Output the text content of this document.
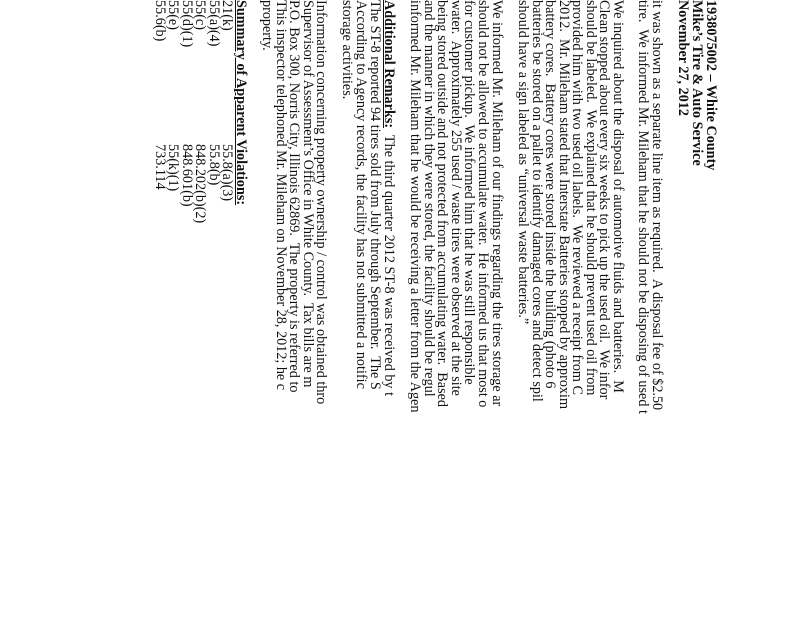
1938075002 – White County
Mike’s Tire & Auto Service
November 27, 2012
it was shown as a separate line item as required.  A disposal fee of $2.50
tire.  We informed Mr. Mileham that he should not be disposing of used t
We inquired about the disposal of automotive fluids and batteries.  M
Clean stopped about every six weeks to pick up the used oil.  We infor
should be labeled.  We explained that he should prevent used oil from
provided him with two used oil labels.  We reviewed a receipt from C
2012.  Mr. Mileham stated that Interstate Batteries stopped by approxim
battery cores.  Battery cores were stored inside the building (photo 6
batteries be stored on a pallet to identify damaged cores and detect spil
should have a sign labeled as “universal waste batteries.”
We informed Mr. Mileham of our findings regarding the tires storage ar
should not be allowed to accumulate water.  He informed us that most o
for customer pickup.  We informed him that he was still responsible
water.  Approximately 255 used / waste tires were observed at the site
being stored outside and not protected from accumulating water.  Based
and the manner in which they were stored, the facility should be regul
informed Mr. Mileham that he would be receiving a letter from the Agen
Additional Remarks:  The third quarter 2012 ST-8 was received by t
The ST-8 reported 94 tires sold from July through September.  The S
According to Agency records, the facility has not submitted a notific
storage activities.
Information concerning property ownership / control was obtained thro
Supervisor of Assessment’s Office in White County.  Tax bills are m
P.O. Box 300, Norris City, Illinois 62869.  The property is referred to
This inspector telephoned Mr. Mileham on November 28, 2012; he c
property.
Summary of Apparent Violations:
21(k)
55.8(a)(3)
55(a)(4)
55.8(b)
55(c)
848.202(b)(2)
55(d)(1)
848.601(b)
55(e)
55(k)(1)
55.6(b)
733.114
